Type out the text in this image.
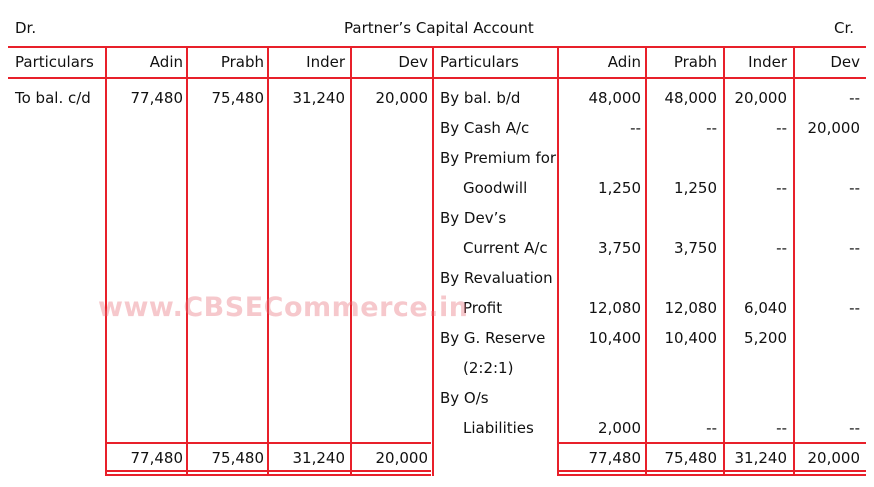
Dr.	Partner’s Capital Account	Cr.
Particulars	Adin	Prabh	Inder	Dev Particulars	Adin	Prabh	Inder	Dev
To bal. c/d	77,480	75,480	31,240	20,000 By bal. b/d	48,000	48,000	20,000	--
By Cash A/c	--	--	--	20,000
By Premium for
Goodwill	1,250	1,250	--	--
By Dev’s
Current A/c	3,750	3,750	--	--
By Revaluation
Profit	12,080	12,080	6,040	--
By G. Reserve	10,400	10,400	5,200
(2:2:1)
By O/s
Liabilities	2,000	--	--	--
77,480	75,480	31,240	20,000	77,480	75,480	31,240	20,000
www.CBSECommerce.in
